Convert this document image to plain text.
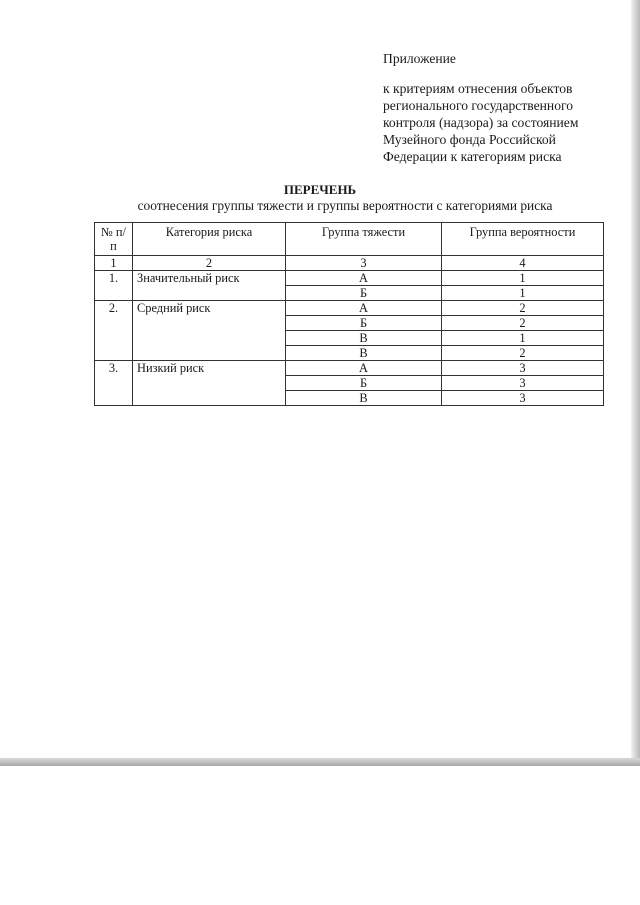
Приложение
к критериям отнесения объектов
регионального государственного
контроля (надзора) за состоянием
Музейного фонда Российской
Федерации к категориям риска
ПЕРЕЧЕНЬ
соотнесения группы тяжести и группы вероятности с категориями риска
№ п/п	Категория риска	Группа тяжести	Группа вероятности
1	2	3	4
1.	Значительный риск	А	1
		Б	1
2.	Средний риск	А	2
		Б	2
		В	1
		В	2
3.	Низкий риск	А	3
		Б	3
		В	3
